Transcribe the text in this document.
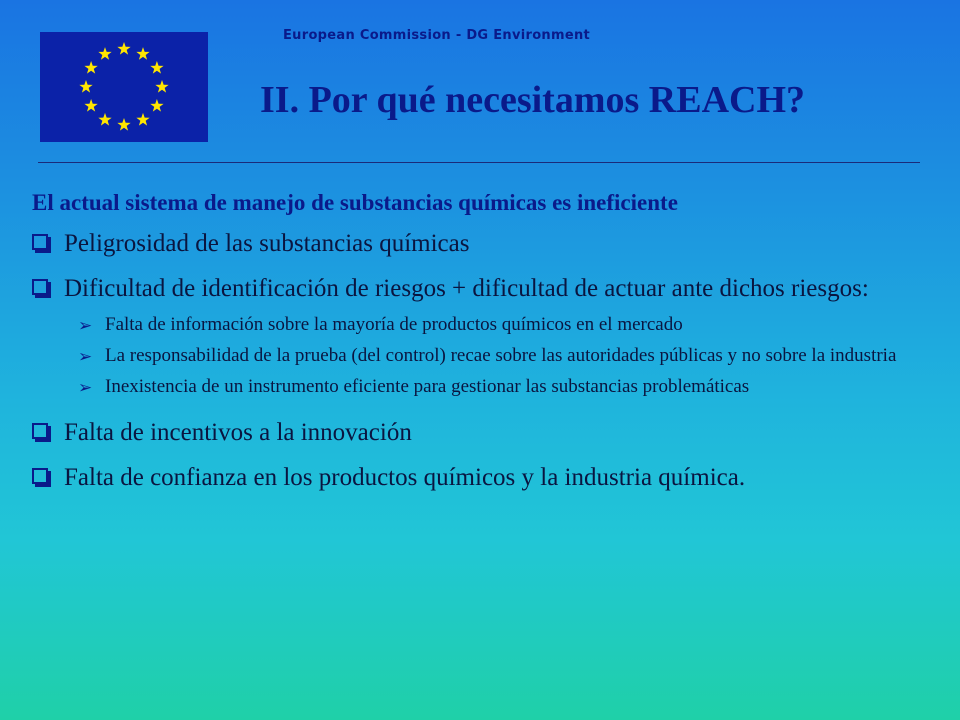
European Commission - DG Environment
II. Por qué necesitamos REACH?
El actual sistema de manejo de substancias químicas es ineficiente
Peligrosidad de las substancias químicas
Dificultad de identificación de riesgos + dificultad de actuar ante dichos riesgos:
➢ Falta de información sobre la mayoría de productos químicos en el mercado
➢ La responsabilidad de la prueba (del control) recae sobre las autoridades públicas y no sobre la industria
➢ Inexistencia de un instrumento eficiente para gestionar las substancias problemáticas
Falta de incentivos a la innovación
Falta de confianza en los productos químicos y la industria química.
